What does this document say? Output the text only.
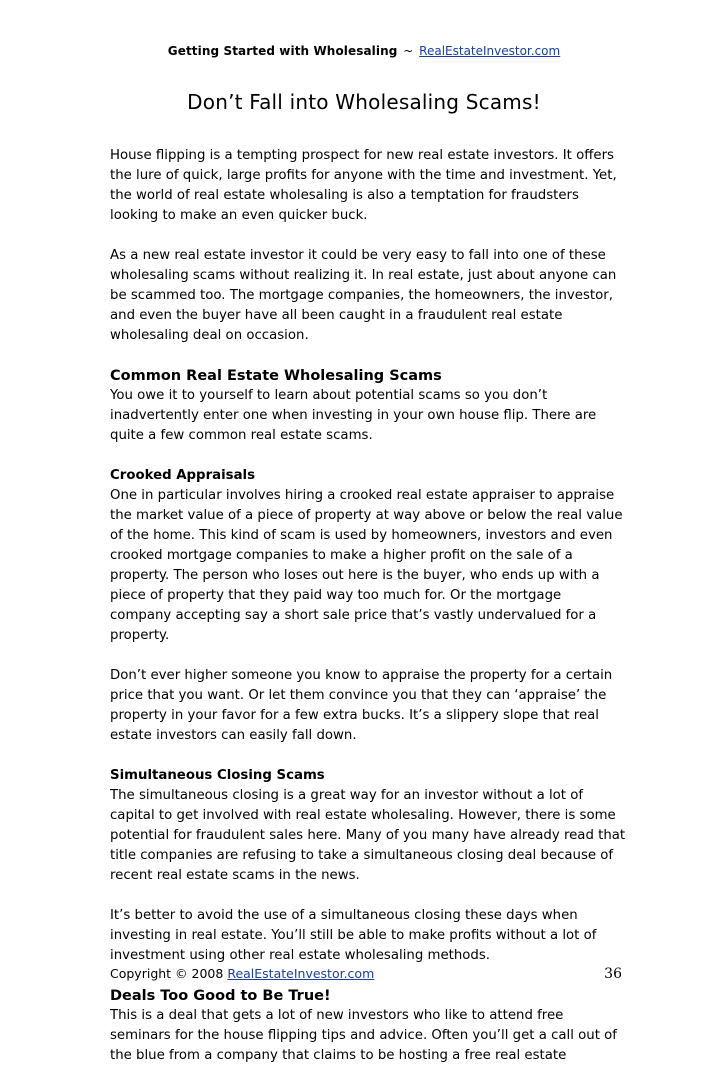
Getting Started with Wholesaling ~ RealEstateInvestor.com
Don’t Fall into Wholesaling Scams!

House flipping is a tempting prospect for new real estate investors. It offers the lure of quick, large profits for anyone with the time and investment. Yet, the world of real estate wholesaling is also a temptation for fraudsters looking to make an even quicker buck.

As a new real estate investor it could be very easy to fall into one of these wholesaling scams without realizing it. In real estate, just about anyone can be scammed too. The mortgage companies, the homeowners, the investor, and even the buyer have all been caught in a fraudulent real estate wholesaling deal on occasion.

Common Real Estate Wholesaling Scams

You owe it to yourself to learn about potential scams so you don’t inadvertently enter one when investing in your own house flip. There are quite a few common real estate scams.

Crooked Appraisals

One in particular involves hiring a crooked real estate appraiser to appraise the market value of a piece of property at way above or below the real value of the home. This kind of scam is used by homeowners, investors and even crooked mortgage companies to make a higher profit on the sale of a property. The person who loses out here is the buyer, who ends up with a piece of property that they paid way too much for. Or the mortgage company accepting say a short sale price that’s vastly undervalued for a property.

Don’t ever higher someone you know to appraise the property for a certain price that you want. Or let them convince you that they can ‘appraise’ the property in your favor for a few extra bucks. It’s a slippery slope that real estate investors can easily fall down.

Simultaneous Closing Scams

The simultaneous closing is a great way for an investor without a lot of capital to get involved with real estate wholesaling. However, there is some potential for fraudulent sales here. Many of you many have already read that title companies are refusing to take a simultaneous closing deal because of recent real estate scams in the news.

It’s better to avoid the use of a simultaneous closing these days when investing in real estate. You’ll still be able to make profits without a lot of investment using other real estate wholesaling methods.

Deals Too Good to Be True!

This is a deal that gets a lot of new investors who like to attend free seminars for the house flipping tips and advice. Often you’ll get a call out of the blue from a company that claims to be hosting a free real estate

Copyright © 2008 RealEstateInvestor.com	36
